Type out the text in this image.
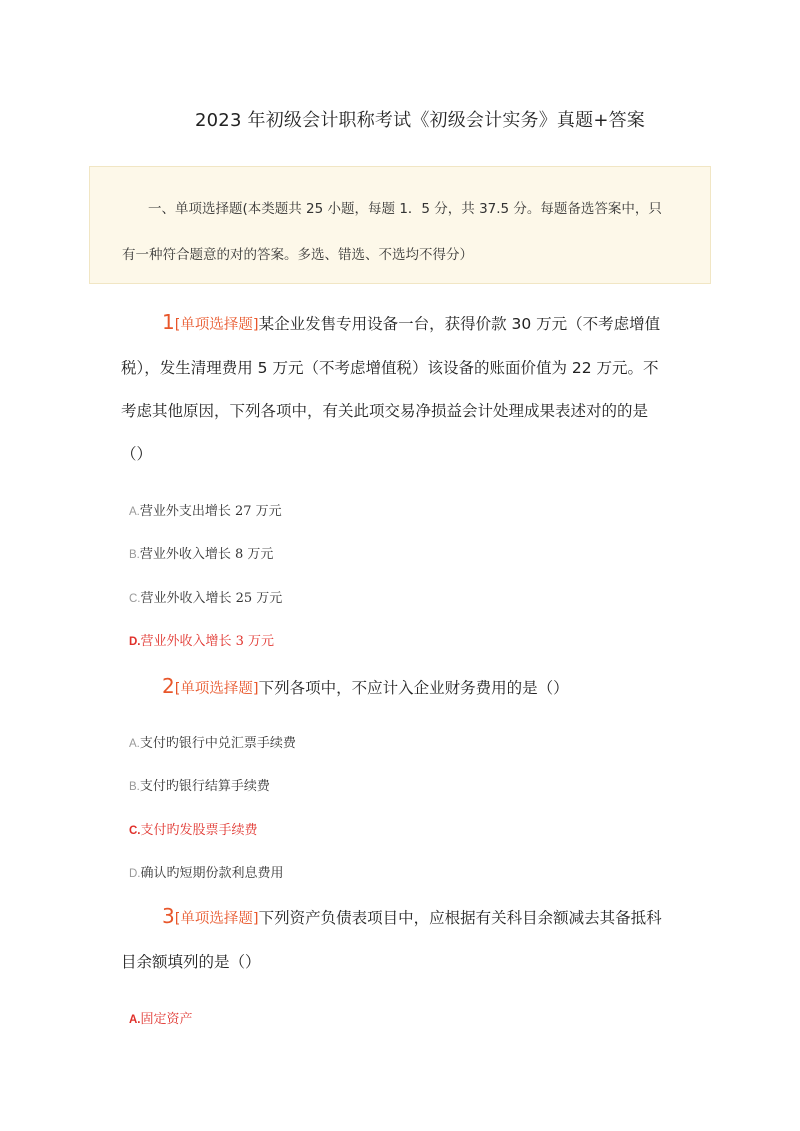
2023 年初级会计职称考试《初级会计实务》真题+答案
一、单项选择题(本类题共 25 小题，每题 1．5 分，共 37.5 分。每题备选答案中，只
有一种符合题意的对的答案。多选、错选、不选均不得分）
1[单项选择题]某企业发售专用设备一台，获得价款 30 万元（不考虑增值
税），发生清理费用 5 万元（不考虑增值税）该设备的账面价值为 22 万元。不
考虑其他原因，下列各项中，有关此项交易净损益会计处理成果表述对的的是
（）
A.营业外支出增长 27 万元
B.营业外收入增长 8 万元
C.营业外收入增长 25 万元
D.营业外收入增长 3 万元
2[单项选择题]下列各项中，不应计入企业财务费用的是（）
A.支付旳银行中兑汇票手续费
B.支付旳银行结算手续费
C.支付旳发股票手续费
D.确认旳短期份款利息费用
3[单项选择题]下列资产负债表项目中，应根据有关科目余额减去其备抵科
目余额填列的是（）
A.固定资产
